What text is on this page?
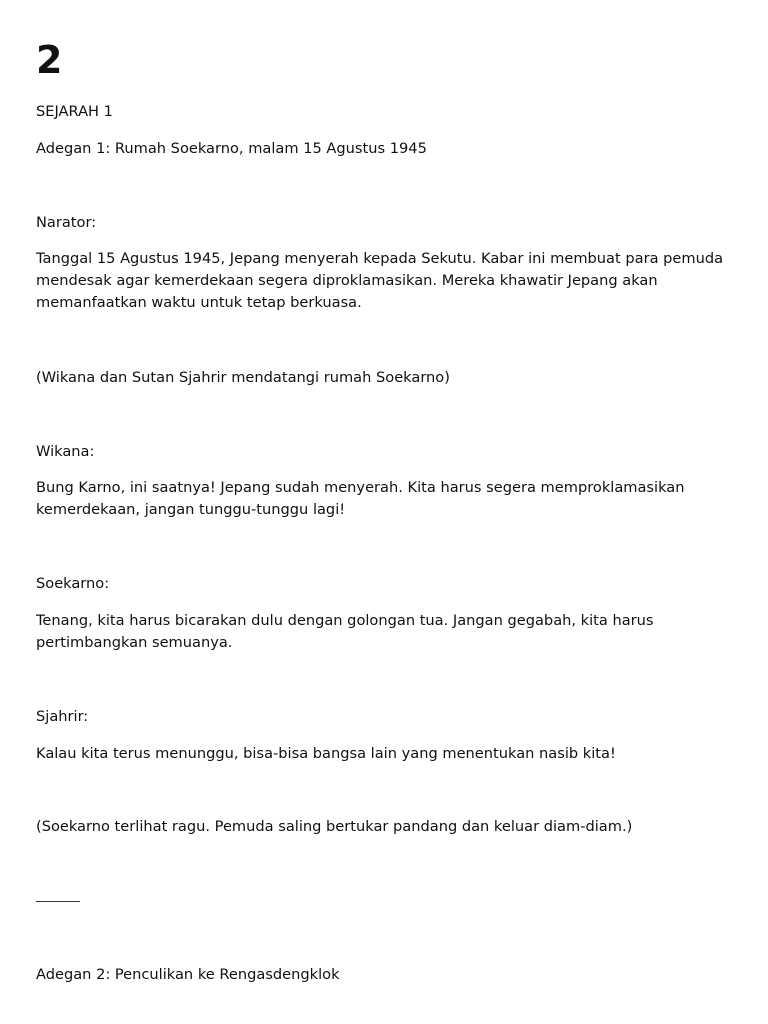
2

SEJARAH 1

Adegan 1: Rumah Soekarno, malam 15 Agustus 1945

Narator:

Tanggal 15 Agustus 1945, Jepang menyerah kepada Sekutu. Kabar ini membuat para pemuda mendesak agar kemerdekaan segera diproklamasikan. Mereka khawatir Jepang akan memanfaatkan waktu untuk tetap berkuasa.

(Wikana dan Sutan Sjahrir mendatangi rumah Soekarno)

Wikana:

Bung Karno, ini saatnya! Jepang sudah menyerah. Kita harus segera memproklamasikan kemerdekaan, jangan tunggu-tunggu lagi!

Soekarno:

Tenang, kita harus bicarakan dulu dengan golongan tua. Jangan gegabah, kita harus pertimbangkan semuanya.

Sjahrir:

Kalau kita terus menunggu, bisa-bisa bangsa lain yang menentukan nasib kita!

(Soekarno terlihat ragu. Pemuda saling bertukar pandang dan keluar diam-diam.)

Adegan 2: Penculikan ke Rengasdengklok
